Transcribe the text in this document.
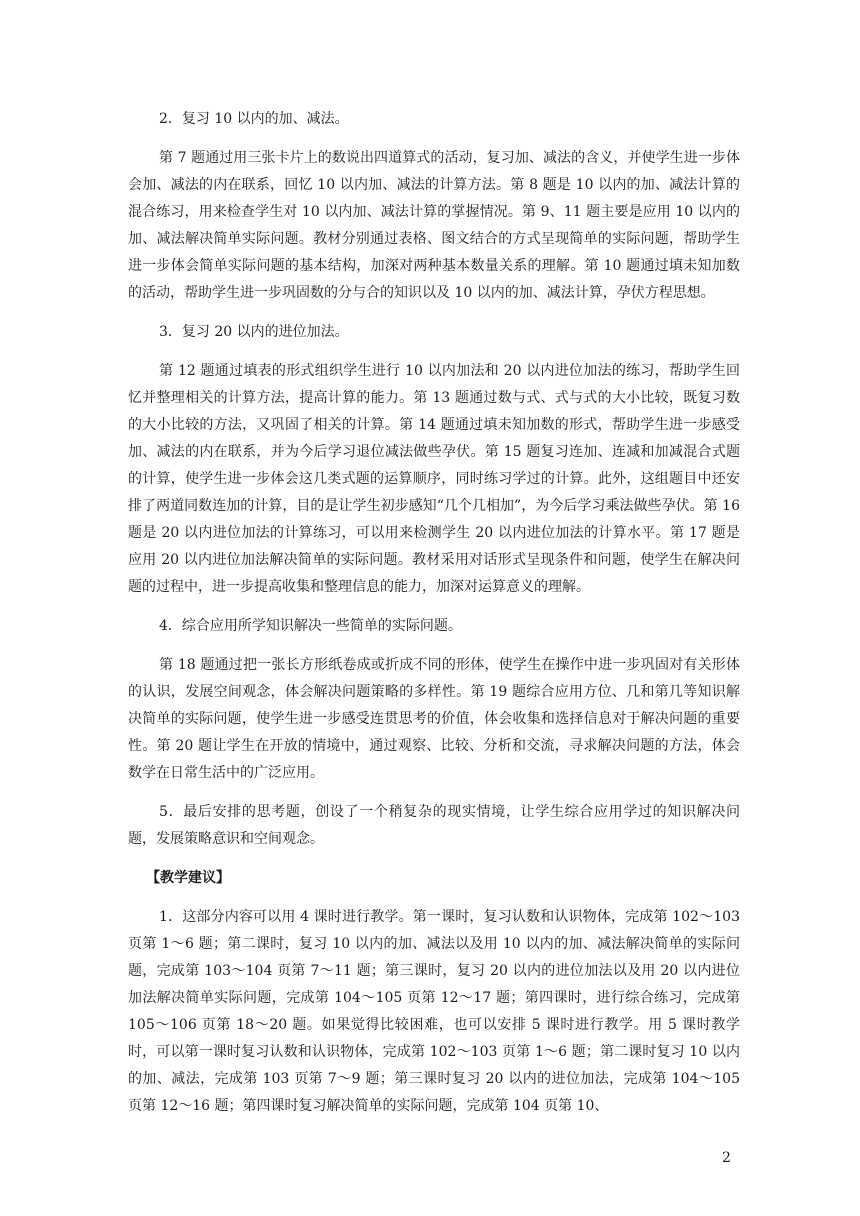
2．复习 10 以内的加、减法。

第 7 题通过用三张卡片上的数说出四道算式的活动，复习加、减法的含义，并使学生进一步体会加、减法的内在联系，回忆 10 以内加、减法的计算方法。第 8 题是 10 以内的加、减法计算的混合练习，用来检查学生对 10 以内加、减法计算的掌握情况。第 9、11 题主要是应用 10 以内的加、减法解决简单实际问题。教材分别通过表格、图文结合的方式呈现简单的实际问题，帮助学生进一步体会简单实际问题的基本结构，加深对两种基本数量关系的理解。第 10 题通过填未知加数的活动，帮助学生进一步巩固数的分与合的知识以及 10 以内的加、减法计算，孕伏方程思想。

3．复习 20 以内的进位加法。

第 12 题通过填表的形式组织学生进行 10 以内加法和 20 以内进位加法的练习，帮助学生回忆并整理相关的计算方法，提高计算的能力。第 13 题通过数与式、式与式的大小比较，既复习数的大小比较的方法，又巩固了相关的计算。第 14 题通过填未知加数的形式，帮助学生进一步感受加、减法的内在联系，并为今后学习退位减法做些孕伏。第 15 题复习连加、连减和加减混合式题的计算，使学生进一步体会这几类式题的运算顺序，同时练习学过的计算。此外，这组题目中还安排了两道同数连加的计算，目的是让学生初步感知“几个几相加”，为今后学习乘法做些孕伏。第 16 题是 20 以内进位加法的计算练习，可以用来检测学生 20 以内进位加法的计算水平。第 17 题是应用 20 以内进位加法解决简单的实际问题。教材采用对话形式呈现条件和问题，使学生在解决问题的过程中，进一步提高收集和整理信息的能力，加深对运算意义的理解。

4．综合应用所学知识解决一些简单的实际问题。

第 18 题通过把一张长方形纸卷成或折成不同的形体，使学生在操作中进一步巩固对有关形体的认识，发展空间观念，体会解决问题策略的多样性。第 19 题综合应用方位、几和第几等知识解决简单的实际问题，使学生进一步感受连贯思考的价值，体会收集和选择信息对于解决问题的重要性。第 20 题让学生在开放的情境中，通过观察、比较、分析和交流，寻求解决问题的方法，体会数学在日常生活中的广泛应用。

5．最后安排的思考题，创设了一个稍复杂的现实情境，让学生综合应用学过的知识解决问题，发展策略意识和空间观念。

【教学建议】

1．这部分内容可以用 4 课时进行教学。第一课时，复习认数和认识物体，完成第 102～103 页第 1～6 题；第二课时，复习 10 以内的加、减法以及用 10 以内的加、减法解决简单的实际问题，完成第 103～104 页第 7～11 题；第三课时，复习 20 以内的进位加法以及用 20 以内进位加法解决简单实际问题，完成第 104～105 页第 12～17 题；第四课时，进行综合练习，完成第 105～106 页第 18～20 题。如果觉得比较困难，也可以安排 5 课时进行教学。用 5 课时教学时，可以第一课时复习认数和认识物体，完成第 102～103 页第 1～6 题；第二课时复习 10 以内的加、减法，完成第 103 页第 7～9 题；第三课时复习 20 以内的进位加法，完成第 104～105 页第 12～16 题；第四课时复习解决简单的实际问题，完成第 104 页第 10、

2
